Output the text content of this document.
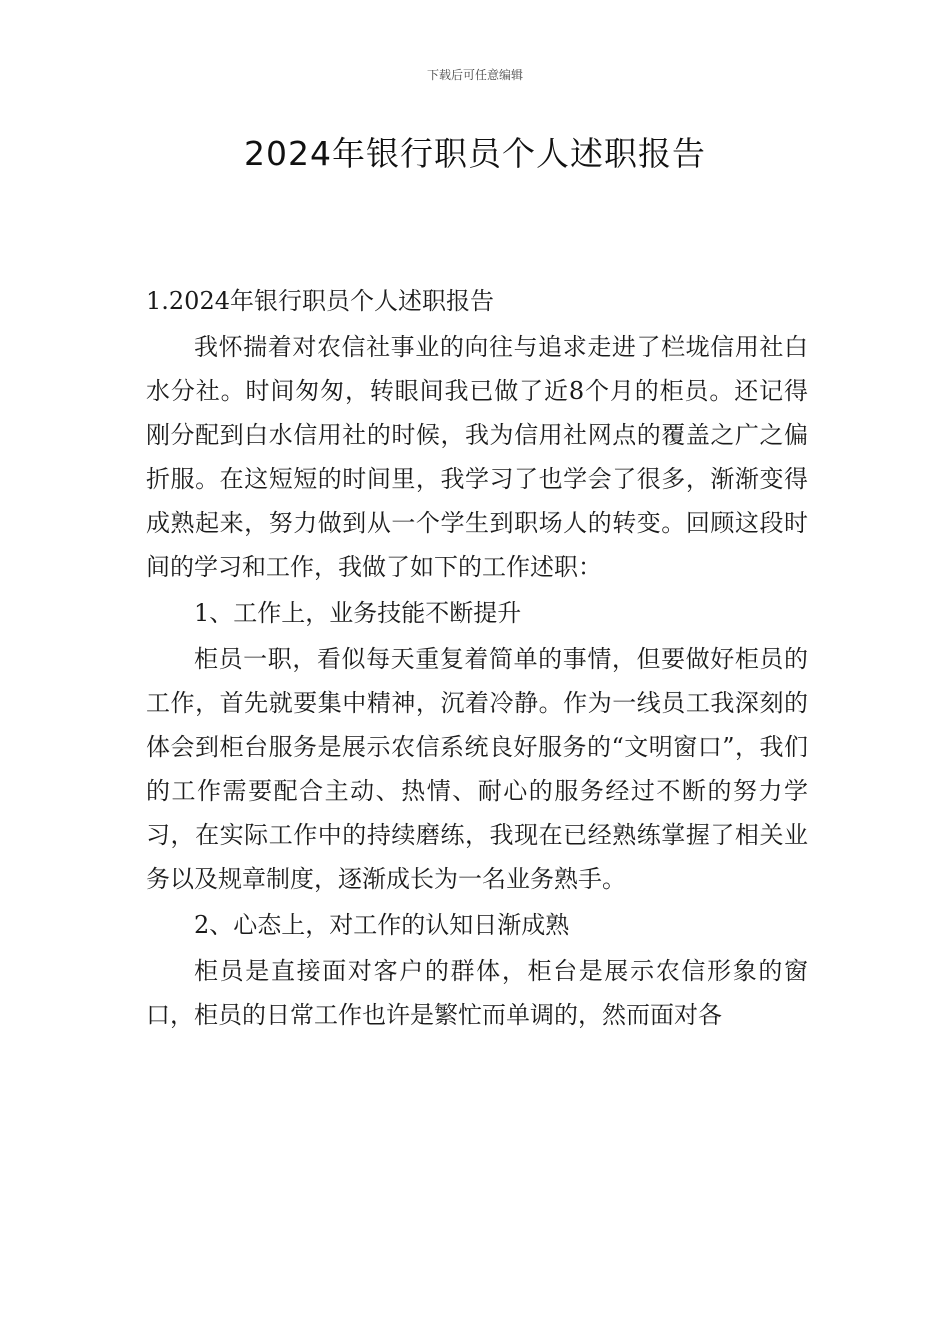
下载后可任意编辑
2024年银行职员个人述职报告

1.2024年银行职员个人述职报告

我怀揣着对农信社事业的向往与追求走进了栏垅信用社白水分社。时间匆匆，转眼间我已做了近8个月的柜员。还记得刚分配到白水信用社的时候，我为信用社网点的覆盖之广之偏折服。在这短短的时间里，我学习了也学会了很多，渐渐变得成熟起来，努力做到从一个学生到职场人的转变。回顾这段时间的学习和工作，我做了如下的工作述职：

1、工作上，业务技能不断提升

柜员一职，看似每天重复着简单的事情，但要做好柜员的工作，首先就要集中精神，沉着冷静。作为一线员工我深刻的体会到柜台服务是展示农信系统良好服务的“文明窗口”，我们的工作需要配合主动、热情、耐心的服务经过不断的努力学习，在实际工作中的持续磨练，我现在已经熟练掌握了相关业务以及规章制度，逐渐成长为一名业务熟手。

2、心态上，对工作的认知日渐成熟

柜员是直接面对客户的群体，柜台是展示农信形象的窗口，柜员的日常工作也许是繁忙而单调的，然而面对各
